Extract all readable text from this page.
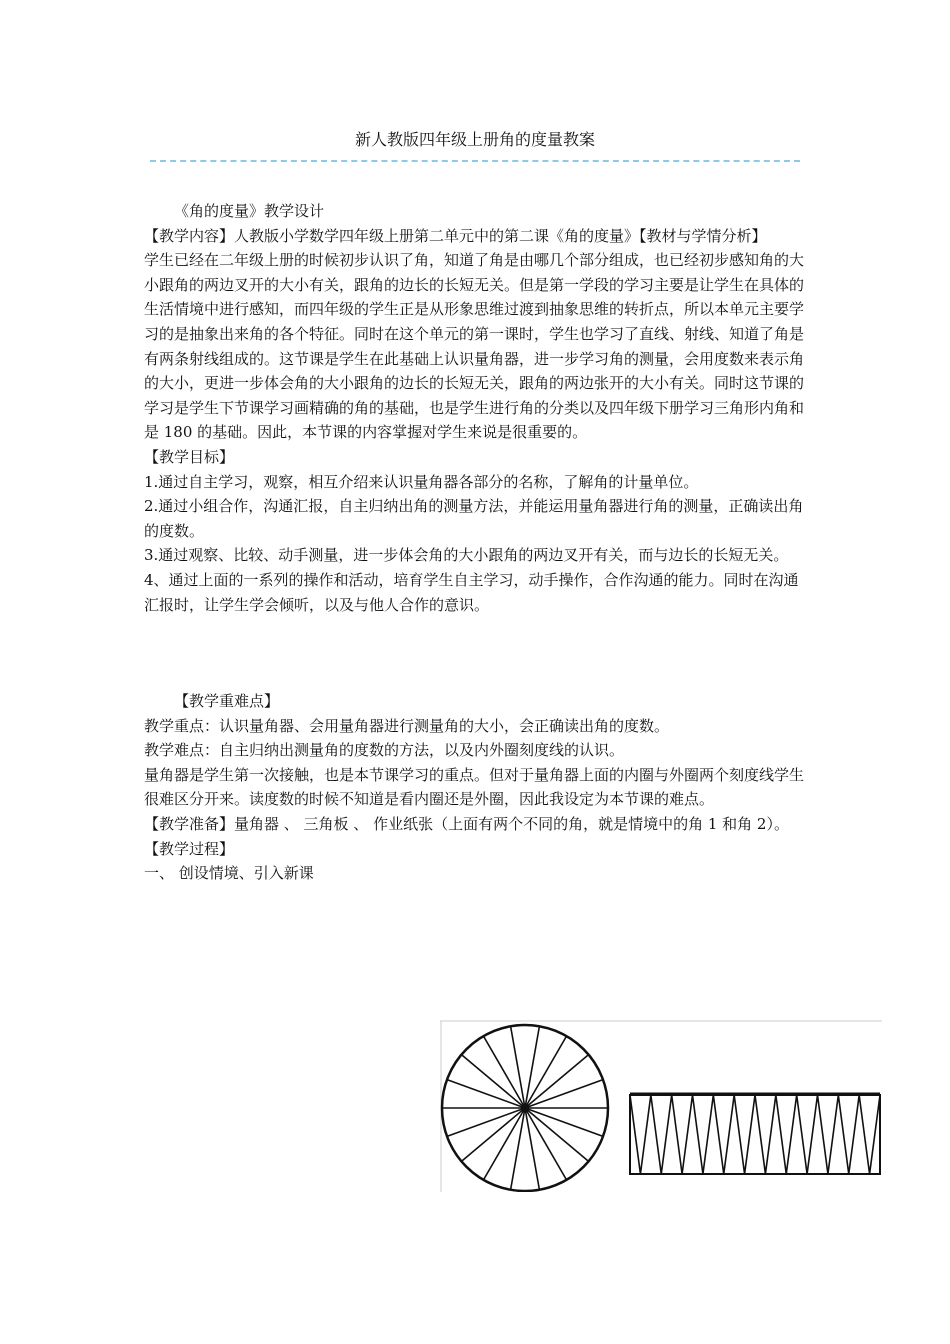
新人教版四年级上册角的度量教案

《角的度量》教学设计

【教学内容】人教版小学数学四年级上册第二单元中的第二课《角的度量》【教材与学情分析】

学生已经在二年级上册的时候初步认识了角，知道了角是由哪几个部分组成，也已经初步感知角的大小跟角的两边叉开的大小有关，跟角的边长的长短无关。但是第一学段的学习主要是让学生在具体的生活情境中进行感知，而四年级的学生正是从形象思维过渡到抽象思维的转折点，所以本单元主要学习的是抽象出来角的各个特征。同时在这个单元的第一课时，学生也学习了直线、射线、知道了角是有两条射线组成的。这节课是学生在此基础上认识量角器，进一步学习角的测量，会用度数来表示角的大小，更进一步体会角的大小跟角的边长的长短无关，跟角的两边张开的大小有关。同时这节课的学习是学生下节课学习画精确的角的基础，也是学生进行角的分类以及四年级下册学习三角形内角和是 180 的基础。因此，本节课的内容掌握对学生来说是很重要的。

【教学目标】

1.通过自主学习，观察，相互介绍来认识量角器各部分的名称，了解角的计量单位。

2.通过小组合作，沟通汇报，自主归纳出角的测量方法，并能运用量角器进行角的测量，正确读出角的度数。

3.通过观察、比较、动手测量，进一步体会角的大小跟角的两边叉开有关，而与边长的长短无关。

4、通过上面的一系列的操作和活动，培育学生自主学习，动手操作，合作沟通的能力。同时在沟通汇报时，让学生学会倾听，以及与他人合作的意识。

【教学重难点】

教学重点：认识量角器、会用量角器进行测量角的大小，会正确读出角的度数。

教学难点：自主归纳出测量角的度数的方法，以及内外圈刻度线的认识。

量角器是学生第一次接触，也是本节课学习的重点。但对于量角器上面的内圈与外圈两个刻度线学生很难区分开来。读度数的时候不知道是看内圈还是外圈，因此我设定为本节课的难点。

【教学准备】量角器 、 三角板 、 作业纸张（上面有两个不同的角，就是情境中的角 1 和角 2）。

【教学过程】

一、 创设情境、引入新课
